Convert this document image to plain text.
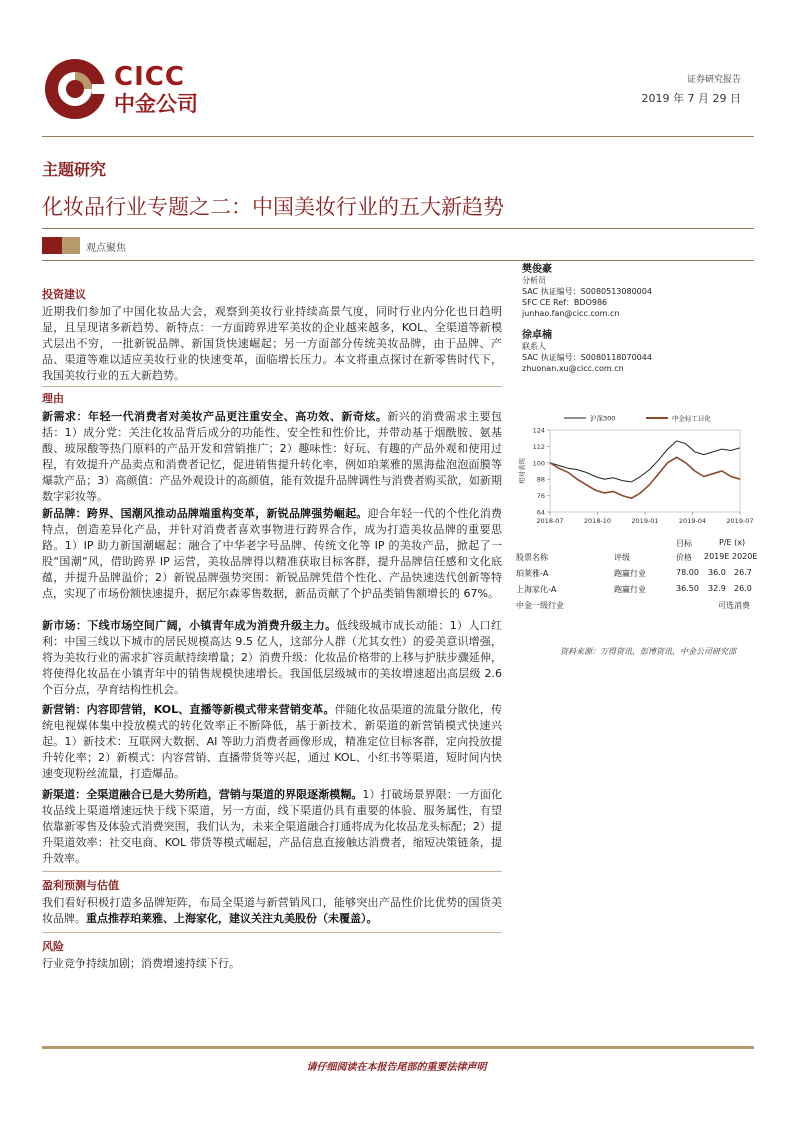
CICC
中金公司
证券研究报告
2019 年 7 月 29 日
主题研究
化妆品行业专题之二：中国美妆行业的五大新趋势
观点聚焦
投资建议
近期我们参加了中国化妆品大会，观察到美妆行业持续高景气度，同时行业内分化也日趋明显，且呈现诸多新趋势、新特点：一方面跨界进军美妆的企业越来越多，KOL、全渠道等新模式层出不穷，一批新锐品牌、新国货快速崛起；另一方面部分传统美妆品牌，由于品牌、产品、渠道等难以适应美妆行业的快速变革，面临增长压力。本文将重点探讨在新零售时代下，我国美妆行业的五大新趋势。
理由
新需求：年轻一代消费者对美妆产品更注重安全、高功效、新奇炫。新兴的消费需求主要包括：1）成分党：关注化妆品背后成分的功能性、安全性和性价比，并带动基于烟酰胺、氨基酸、玻尿酸等热门原料的产品开发和营销推广；2）趣味性：好玩、有趣的产品外观和使用过程，有效提升产品卖点和消费者记忆，促进销售提升转化率，例如珀莱雅的黑海盐泡泡面膜等爆款产品；3）高颜值：产品外观设计的高颜值，能有效提升品牌调性与消费者购买欲，如新期数字彩妆等。
新品牌：跨界、国潮风推动品牌端重构变革，新锐品牌强势崛起。迎合年轻一代的个性化消费特点，创造差异化产品，并针对消费者喜欢事物进行跨界合作，成为打造美妆品牌的重要思路。1）IP 助力新国潮崛起：融合了中华老字号品牌、传统文化等 IP 的美妆产品，掀起了一股“国潮”风，借助跨界 IP 运营，美妆品牌得以精准获取目标客群，提升品牌信任感和文化底蕴，并提升品牌溢价；2）新锐品牌强势突围：新锐品牌凭借个性化、产品快速迭代创新等特点，实现了市场份额快速提升，据尼尔森零售数据，新品贡献了个护品类销售额增长的 67%。
新市场：下线市场空间广阔，小镇青年成为消费升级主力。低线级城市成长动能：1）人口红利：中国三线以下城市的居民规模高达 9.5 亿人，这部分人群（尤其女性）的爱美意识增强，将为美妆行业的需求扩容贡献持续增量；2）消费升级：化妆品价格带的上移与护肤步骤延伸，将使得化妆品在小镇青年中的销售规模快速增长。我国低层级城市的美妆增速超出高层级 2.6 个百分点，孕育结构性机会。
新营销：内容即营销，KOL、直播等新模式带来营销变革。伴随化妆品渠道的流量分散化，传统电视媒体集中投放模式的转化效率正不断降低，基于新技术、新渠道的新营销模式快速兴起。1）新技术：互联网大数据、AI 等助力消费者画像形成，精准定位目标客群，定向投放提升转化率；2）新模式：内容营销、直播带货等兴起，通过 KOL、小红书等渠道，短时间内快速变现粉丝流量，打造爆品。
新渠道：全渠道融合已是大势所趋，营销与渠道的界限逐渐模糊。1）打破场景界限：一方面化妆品线上渠道增速远快于线下渠道，另一方面，线下渠道仍具有重要的体验、服务属性，有望依靠新零售及体验式消费突围，我们认为，未来全渠道融合打通将成为化妆品龙头标配；2）提升渠道效率：社交电商、KOL 带货等模式崛起，产品信息直接触达消费者，缩短决策链条，提升效率。
盈利预测与估值
我们看好积极打造多品牌矩阵，布局全渠道与新营销风口，能够突出产品性价比优势的国货美妆品牌。重点推荐珀莱雅、上海家化，建议关注丸美股份（未覆盖）。
风险
行业竞争持续加剧；消费增速持续下行。
樊俊豪
分析员
SAC 执证编号：S0080513080004
SFC CE Ref：BDO986
junhao.fan@cicc.com.cn
徐卓楠
联系人
SAC 执证编号：S0080118070044
zhuonan.xu@cicc.com.cn
64
76
88
100
112
124
2018-07	2018-10	2019-01	2019-04	2019-07
相对表现
沪深300	中金轻工日化
目标	P/E (x)
股票名称	评级	价格 2019E 2020E
珀莱雅-A	跑赢行业	78.00 36.0 26.7
上海家化-A	跑赢行业	36.50 32.9 26.0
中金一级行业	可选消费
资料来源：万得资讯，彭博资讯，中金公司研究部
请仔细阅读在本报告尾部的重要法律声明
